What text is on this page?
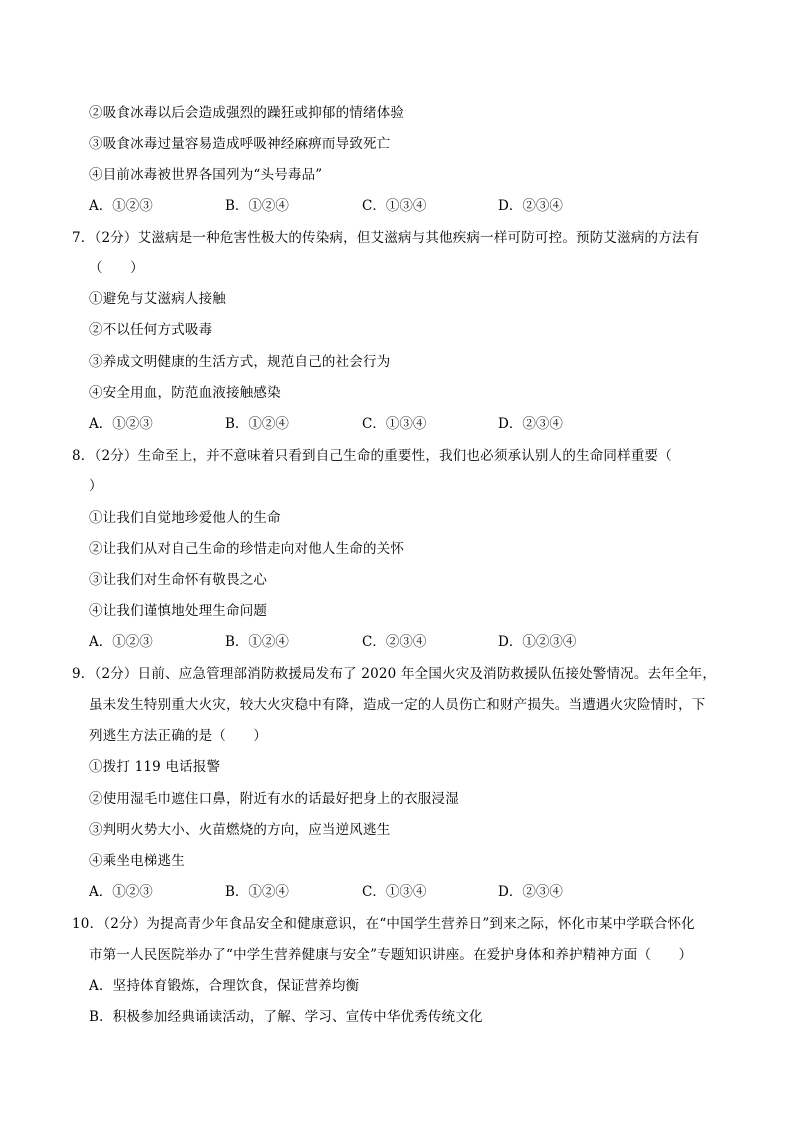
②吸食冰毒以后会造成强烈的躁狂或抑郁的情绪体验
③吸食冰毒过量容易造成呼吸神经麻痹而导致死亡
④目前冰毒被世界各国列为“头号毒品”
A．①②③	B．①②④	C．①③④	D．②③④
7．（2分）艾滋病是一种危害性极大的传染病，但艾滋病与其他疾病一样可防可控。预防艾滋病的方法有
（　　）
①避免与艾滋病人接触
②不以任何方式吸毒
③养成文明健康的生活方式，规范自己的社会行为
④安全用血，防范血液接触感染
A．①②③	B．①②④	C．①③④	D．②③④
8．（2分）生命至上，并不意味着只看到自己生命的重要性，我们也必须承认别人的生命同样重要（
）
①让我们自觉地珍爱他人的生命
②让我们从对自己生命的珍惜走向对他人生命的关怀
③让我们对生命怀有敬畏之心
④让我们谨慎地处理生命问题
A．①②③	B．①②④	C．②③④	D．①②③④
9．（2分）日前、应急管理部消防救援局发布了 2020 年全国火灾及消防救援队伍接处警情况。去年全年，
虽未发生特别重大火灾，较大火灾稳中有降，造成一定的人员伤亡和财产损失。当遭遇火灾险情时，下
列逃生方法正确的是（　　）
①拨打 119 电话报警
②使用湿毛巾遮住口鼻，附近有水的话最好把身上的衣服浸湿
③判明火势大小、火苗燃烧的方向，应当逆风逃生
④乘坐电梯逃生
A．①②③	B．①②④	C．①③④	D．②③④
10．（2分）为提高青少年食品安全和健康意识，在“中国学生营养日”到来之际，怀化市某中学联合怀化
市第一人民医院举办了“中学生营养健康与安全”专题知识讲座。在爱护身体和养护精神方面（　　）
A．坚持体育锻炼，合理饮食，保证营养均衡
B．积极参加经典诵读活动，了解、学习、宣传中华优秀传统文化
